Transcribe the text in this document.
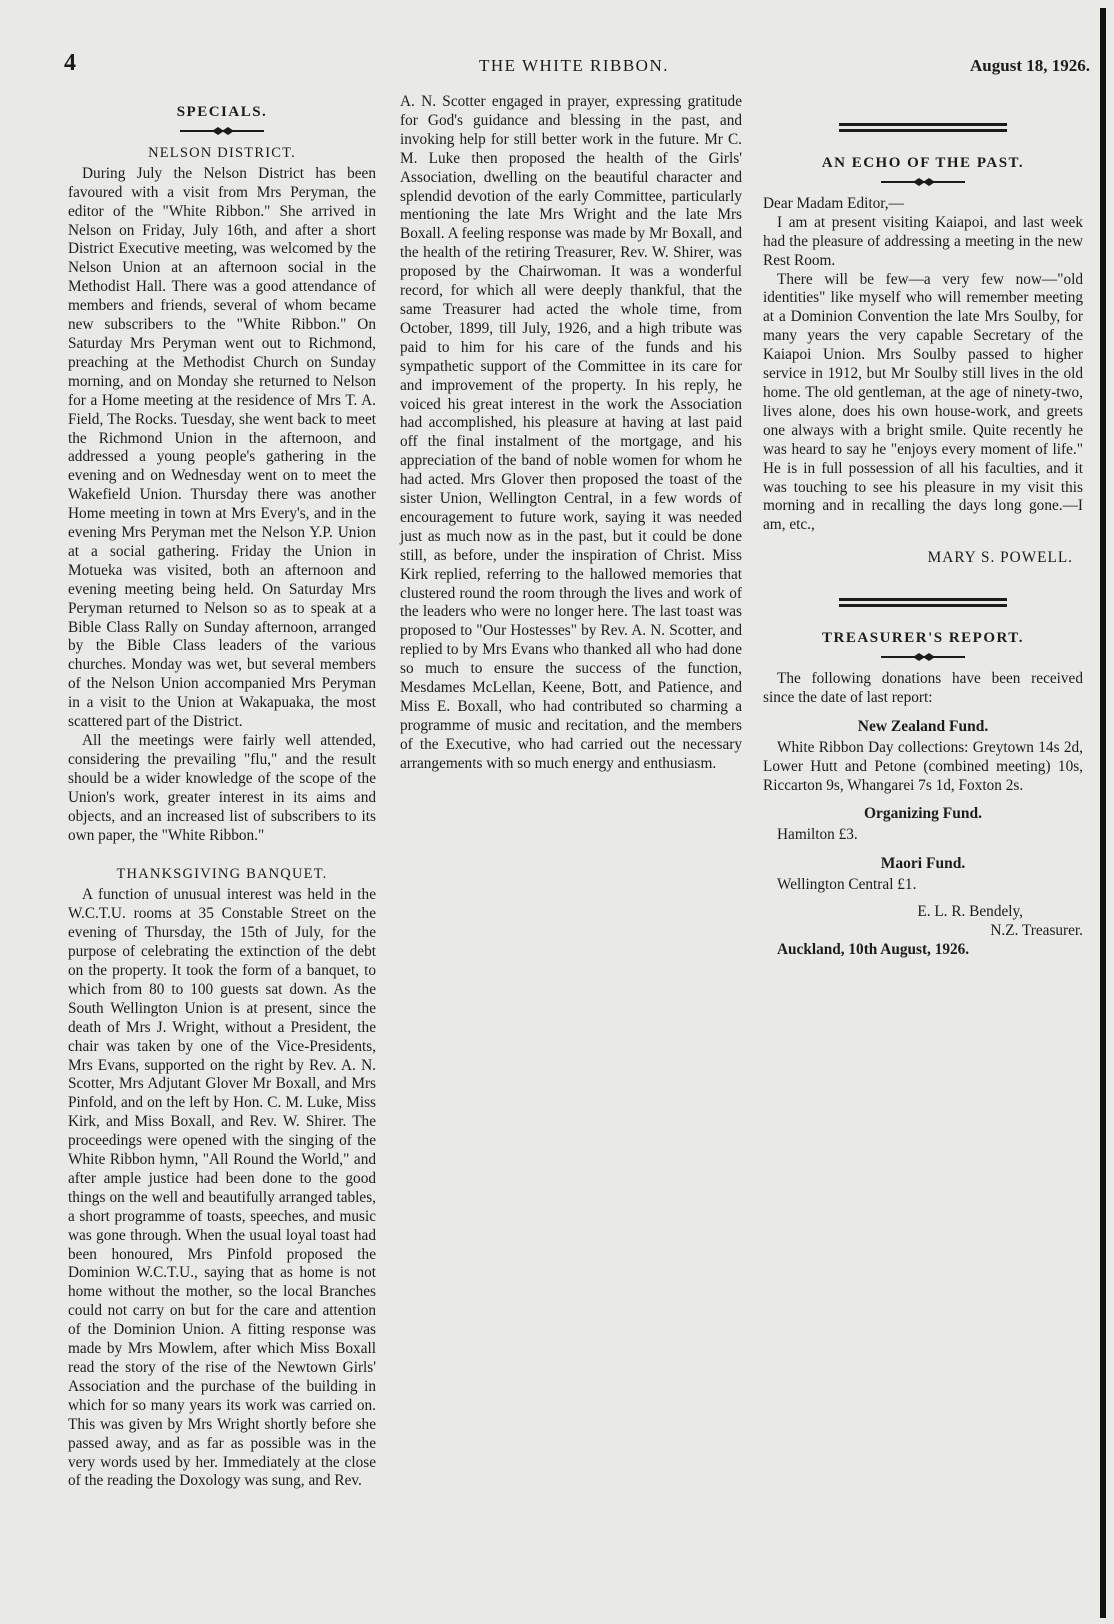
4	THE WHITE RIBBON.	August 18, 1926.
SPECIALS.
NELSON DISTRICT.

During July the Nelson District has been favoured with a visit from Mrs Peryman, the editor of the "White Ribbon." She arrived in Nelson on Friday, July 16th, and after a short District Executive meeting, was welcomed by the Nelson Union at an afternoon social in the Methodist Hall. There was a good attendance of members and friends, several of whom became new subscribers to the "White Ribbon." On Saturday Mrs Peryman went out to Richmond, preaching at the Methodist Church on Sunday morning, and on Monday she returned to Nelson for a Home meeting at the residence of Mrs T. A. Field, The Rocks. Tuesday, she went back to meet the Richmond Union in the afternoon, and addressed a young people's gathering in the evening and on Wednesday went on to meet the Wakefield Union. Thursday there was another Home meeting in town at Mrs Every's, and in the evening Mrs Peryman met the Nelson Y.P. Union at a social gathering. Friday the Union in Motueka was visited, both an afternoon and evening meeting being held. On Saturday Mrs Peryman returned to Nelson so as to speak at a Bible Class Rally on Sunday afternoon, arranged by the Bible Class leaders of the various churches. Monday was wet, but several members of the Nelson Union accompanied Mrs Peryman in a visit to the Union at Wakapuaka, the most scattered part of the District.

All the meetings were fairly well attended, considering the prevailing "flu," and the result should be a wider knowledge of the scope of the Union's work, greater interest in its aims and objects, and an increased list of subscribers to its own paper, the "White Ribbon."

THANKSGIVING BANQUET.

A function of unusual interest was held in the W.C.T.U. rooms at 35 Constable Street on the evening of Thursday, the 15th of July, for the purpose of celebrating the extinction of the debt on the property. It took the form of a banquet, to which from 80 to 100 guests sat down. As the South Wellington Union is at present, since the death of Mrs J. Wright, without a President, the chair was taken by one of the Vice-Presidents, Mrs Evans, supported on the right by Rev. A. N. Scotter, Mrs Adjutant Glover Mr Boxall, and Mrs Pinfold, and on the left by Hon. C. M. Luke, Miss Kirk, and Miss Boxall, and Rev. W. Shirer. The proceedings were opened with the singing of the White Ribbon hymn, "All Round the World," and after ample justice had been done to the good things on the well and beautifully arranged tables, a short programme of toasts, speeches, and music was gone through. When the usual loyal toast had been honoured, Mrs Pinfold proposed the Dominion W.C.T.U., saying that as home is not home without the mother, so the local Branches could not carry on but for the care and attention of the Dominion Union. A fitting response was made by Mrs Mowlem, after which Miss Boxall read the story of the rise of the Newtown Girls' Association and the purchase of the building in which for so many years its work was carried on. This was given by Mrs Wright shortly before she passed away, and as far as possible was in the very words used by her. Immediately at the close of the reading the Doxology was sung, and Rev.

A. N. Scotter engaged in prayer, expressing gratitude for God's guidance and blessing in the past, and invoking help for still better work in the future. Mr C. M. Luke then proposed the health of the Girls' Association, dwelling on the beautiful character and splendid devotion of the early Committee, particularly mentioning the late Mrs Wright and the late Mrs Boxall. A feeling response was made by Mr Boxall, and the health of the retiring Treasurer, Rev. W. Shirer, was proposed by the Chairwoman. It was a wonderful record, for which all were deeply thankful, that the same Treasurer had acted the whole time, from October, 1899, till July, 1926, and a high tribute was paid to him for his care of the funds and his sympathetic support of the Committee in its care for and improvement of the property. In his reply, he voiced his great interest in the work the Association had accomplished, his pleasure at having at last paid off the final instalment of the mortgage, and his appreciation of the band of noble women for whom he had acted. Mrs Glover then proposed the toast of the sister Union, Wellington Central, in a few words of encouragement to future work, saying it was needed just as much now as in the past, but it could be done still, as before, under the inspiration of Christ. Miss Kirk replied, referring to the hallowed memories that clustered round the room through the lives and work of the leaders who were no longer here. The last toast was proposed to "Our Hostesses" by Rev. A. N. Scotter, and replied to by Mrs Evans who thanked all who had done so much to ensure the success of the function, Mesdames McLellan, Keene, Bott, and Patience, and Miss E. Boxall, who had contributed so charming a programme of music and recitation, and the members of the Executive, who had carried out the necessary arrangements with so much energy and enthusiasm.

AN ECHO OF THE PAST.

Dear Madam Editor,—

I am at present visiting Kaiapoi, and last week had the pleasure of addressing a meeting in the new Rest Room.

There will be few—a very few now—"old identities" like myself who will remember meeting at a Dominion Convention the late Mrs Soulby, for many years the very capable Secretary of the Kaiapoi Union. Mrs Soulby passed to higher service in 1912, but Mr Soulby still lives in the old home. The old gentleman, at the age of ninety-two, lives alone, does his own house-work, and greets one always with a bright smile. Quite recently he was heard to say he "enjoys every moment of life." He is in full possession of all his faculties, and it was touching to see his pleasure in my visit this morning and in recalling the days long gone.—I am, etc.,

MARY S. POWELL.
TREASURER'S REPORT.

The following donations have been received since the date of last report:

New Zealand Fund.

White Ribbon Day collections: Greytown 14s 2d, Lower Hutt and Petone (combined meeting) 10s, Riccarton 9s, Whangarei 7s 1d, Foxton 2s.

Organizing Fund.

Hamilton £3.

Maori Fund.

Wellington Central £1.

E. L. R. Bendely,
N.Z. Treasurer.

Auckland, 10th August, 1926.
